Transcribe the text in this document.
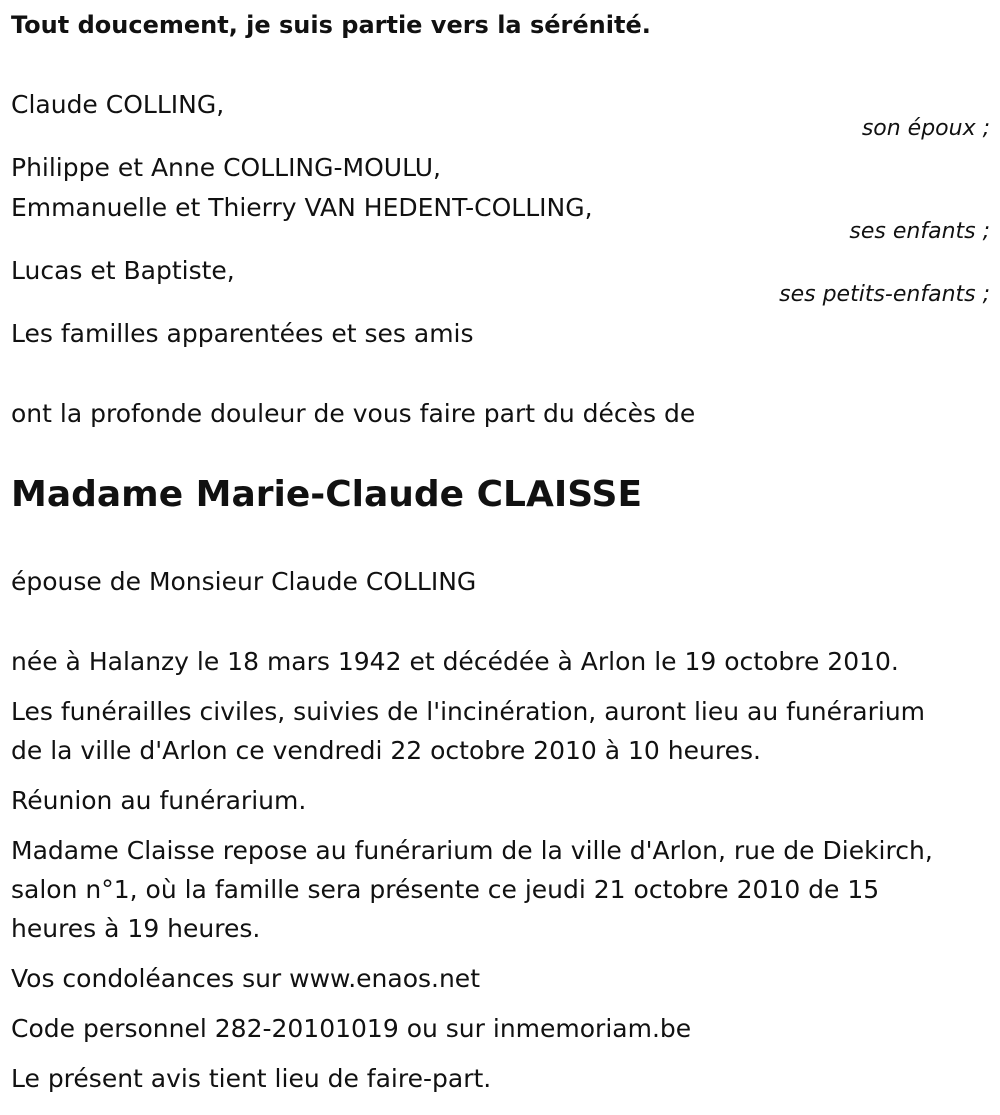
Tout doucement, je suis partie vers la sérénité.
Claude COLLING,
son époux ;
Philippe et Anne COLLING-MOULU,
Emmanuelle et Thierry VAN HEDENT-COLLING,
ses enfants ;
Lucas et Baptiste,
ses petits-enfants ;
Les familles apparentées et ses amis
ont la profonde douleur de vous faire part du décès de
Madame Marie-Claude CLAISSE
épouse de Monsieur Claude COLLING
née à Halanzy le 18 mars 1942 et décédée à Arlon le 19 octobre 2010.
Les funérailles civiles, suivies de l'incinération, auront lieu au funérarium
de la ville d'Arlon ce vendredi 22 octobre 2010 à 10 heures.
Réunion au funérarium.
Madame Claisse repose au funérarium de la ville d'Arlon, rue de Diekirch,
salon n°1, où la famille sera présente ce jeudi 21 octobre 2010 de 15
heures à 19 heures.
Vos condoléances sur www.enaos.net
Code personnel 282-20101019 ou sur inmemoriam.be
Le présent avis tient lieu de faire-part.
